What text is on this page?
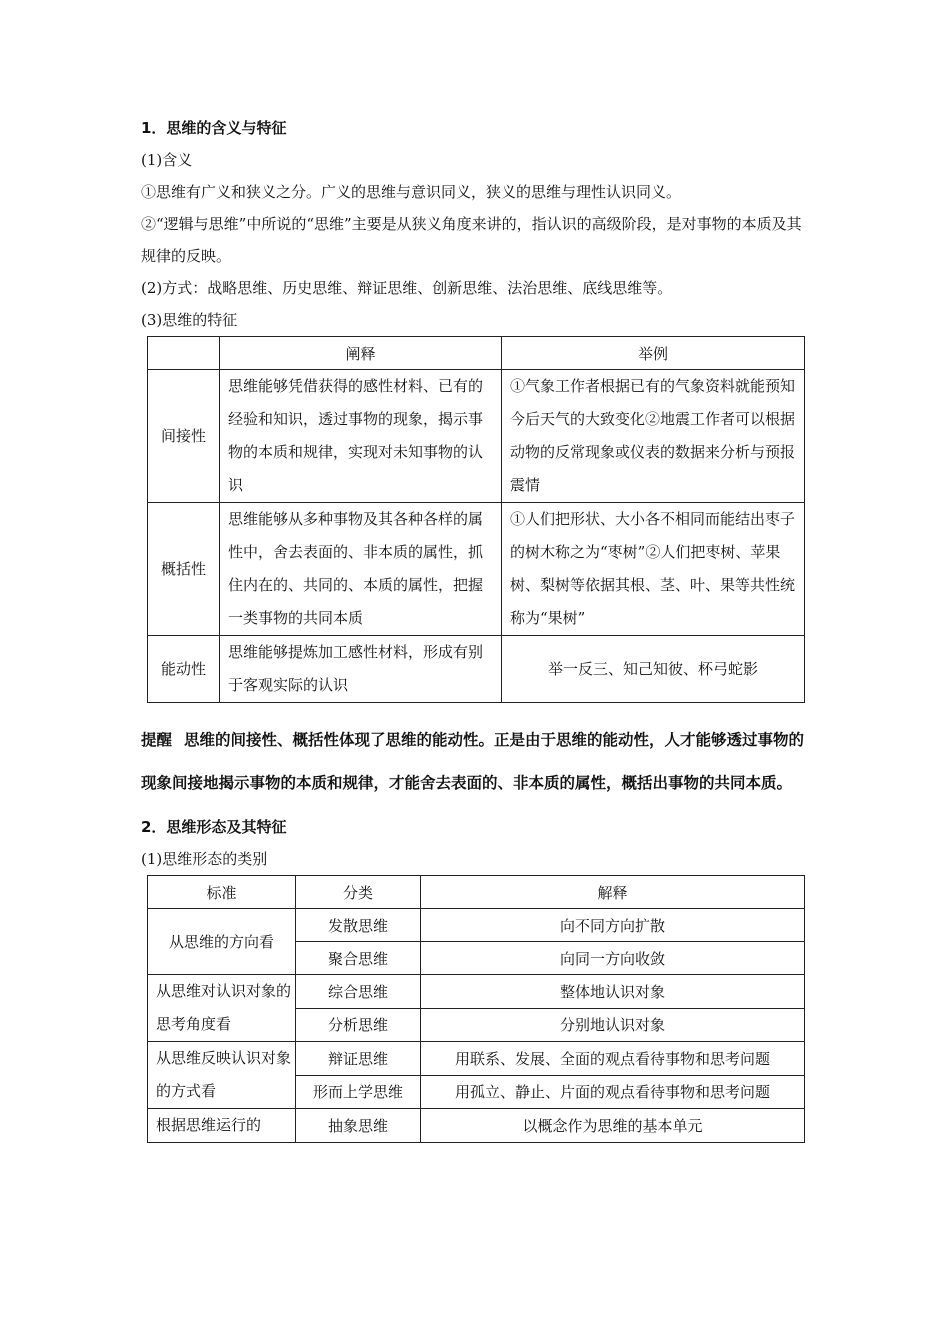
1．思维的含义与特征

(1)含义

①思维有广义和狭义之分。广义的思维与意识同义，狭义的思维与理性认识同义。

②“逻辑与思维”中所说的“思维”主要是从狭义角度来讲的，指认识的高级阶段，是对事物的本质及其规律的反映。

(2)方式：战略思维、历史思维、辩证思维、创新思维、法治思维、底线思维等。

(3)思维的特征

	阐释	举例
间接性	思维能够凭借获得的感性材料、已有的经验和知识，透过事物的现象，揭示事物的本质和规律，实现对未知事物的认识	①气象工作者根据已有的气象资料就能预知今后天气的大致变化②地震工作者可以根据动物的反常现象或仪表的数据来分析与预报震情
概括性	思维能够从多种事物及其各种各样的属性中，舍去表面的、非本质的属性，抓住内在的、共同的、本质的属性，把握一类事物的共同本质	①人们把形状、大小各不相同而能结出枣子的树木称之为“枣树”②人们把枣树、苹果树、梨树等依据其根、茎、叶、果等共性统称为“果树”
能动性	思维能够提炼加工感性材料，形成有别于客观实际的认识	举一反三、知己知彼、杯弓蛇影

提醒 思维的间接性、概括性体现了思维的能动性。正是由于思维的能动性，人才能够透过事物的现象间接地揭示事物的本质和规律，才能舍去表面的、非本质的属性，概括出事物的共同本质。

2．思维形态及其特征

(1)思维形态的类别

标准	分类	解释
从思维的方向看	发散思维	向不同方向扩散
	聚合思维	向同一方向收敛
从思维对认识对象的思考角度看	综合思维	整体地认识对象
	分析思维	分别地认识对象
从思维反映认识对象的方式看	辩证思维	用联系、发展、全面的观点看待事物和思考问题
	形而上学思维	用孤立、静止、片面的观点看待事物和思考问题
根据思维运行的	抽象思维	以概念作为思维的基本单元
